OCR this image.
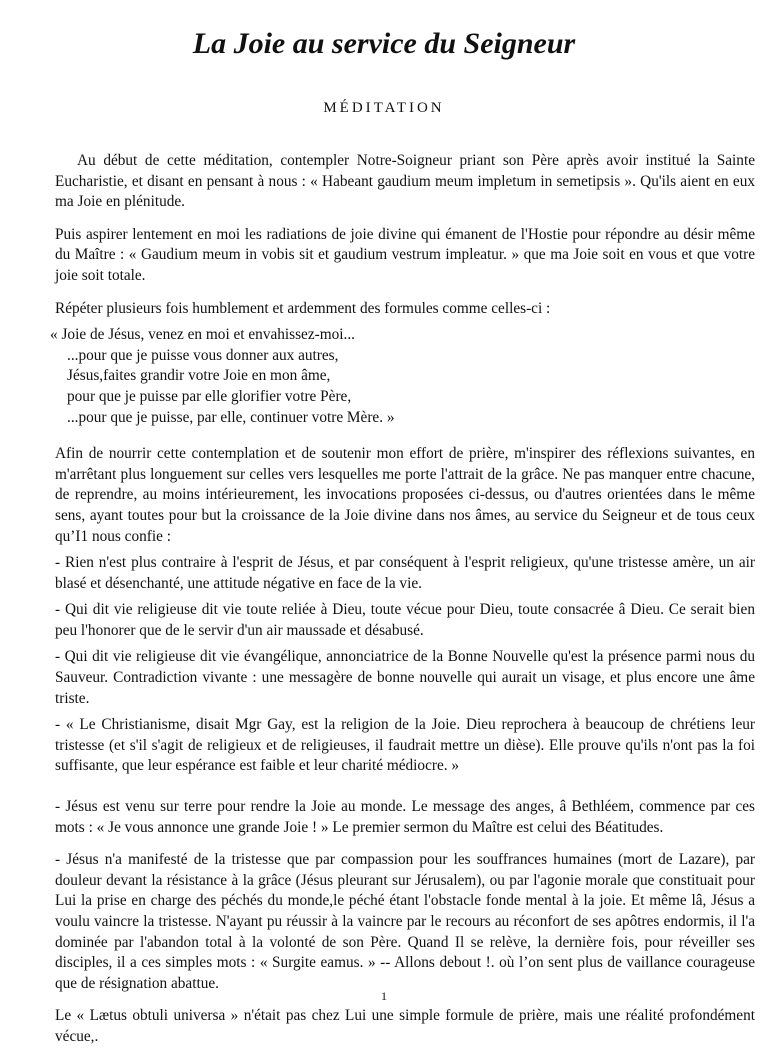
La Joie au service du Seigneur
MÉDITATION

Au début de cette méditation, contempler Notre-Soigneur priant son Père après avoir institué la Sainte Eucharistie, et disant en pensant à nous : « Habeant gaudium meum impletum in semetipsis ». Qu'ils aient en eux ma Joie en plénitude.

Puis aspirer lentement en moi les radiations de joie divine qui émanent de l'Hostie pour répondre au désir même du Maître : « Gaudium meum in vobis sit et gaudium vestrum impleatur. » que ma Joie soit en vous et que votre joie soit totale.

Répéter plusieurs fois humblement et ardemment des formules comme celles-ci :

« Joie de Jésus, venez en moi et envahissez-moi...

...pour que je puisse vous donner aux autres,

Jésus,faites grandir votre Joie en mon âme,

pour que je puisse par elle glorifier votre Père,

...pour que je puisse, par elle, continuer votre Mère. »

Afin de nourrir cette contemplation et de soutenir mon effort de prière, m'inspirer des réflexions suivantes, en m'arrêtant plus longuement sur celles vers lesquelles me porte l'attrait de la grâce. Ne pas manquer entre chacune, de reprendre, au moins intérieurement, les invocations proposées ci-dessus, ou d'autres orientées dans le même sens, ayant toutes pour but la croissance de la Joie divine dans nos âmes, au service du Seigneur et de tous ceux qu’I1 nous confie :

- Rien n'est plus contraire à l'esprit de Jésus, et par conséquent à l'esprit religieux, qu'une tristesse amère, un air blasé et désenchanté, une attitude négative en face de la vie.

- Qui dit vie religieuse dit vie toute reliée à Dieu, toute vécue pour Dieu, toute consacrée â Dieu. Ce serait bien peu l'honorer que de le servir d'un air maussade et désabusé.

- Qui dit vie religieuse dit vie évangélique, annonciatrice de la Bonne Nouvelle qu'est la présence parmi nous du Sauveur. Contradiction vivante : une messagère de bonne nouvelle qui aurait un visage, et plus encore une âme triste.

- « Le Christianisme, disait Mgr Gay, est la religion de la Joie. Dieu reprochera à beaucoup de chrétiens leur tristesse (et s'il s'agit de religieux et de religieuses, il faudrait mettre un dièse). Elle prouve qu'ils n'ont pas la foi suffisante, que leur espérance est faible et leur charité médiocre. »

- Jésus est venu sur terre pour rendre la Joie au monde. Le message des anges, â Bethléem, commence par ces mots : « Je vous annonce une grande Joie ! » Le premier sermon du Maître est celui des Béatitudes.

- Jésus n'a manifesté de la tristesse que par compassion pour les souffrances humaines (mort de Lazare), par douleur devant la résistance à la grâce (Jésus pleurant sur Jérusalem), ou par l'agonie morale que constituait pour Lui la prise en charge des péchés du monde,le péché étant l'obstacle fonde mental à la joie. Et même lâ, Jésus a voulu vaincre la tristesse. N'ayant pu réussir à la vaincre par le recours au réconfort de ses apôtres endormis, il l'a dominée par l'abandon total à la volonté de son Père. Quand Il se relève, la dernière fois, pour réveiller ses disciples, il a ces simples mots : « Surgite eamus. » -- Allons debout !. où l’on sent plus de vaillance courageuse que de résignation abattue.

Le « Lætus obtuli universa » n'était pas chez Lui une simple formule de prière, mais une réalité profondément vécue,.

1
